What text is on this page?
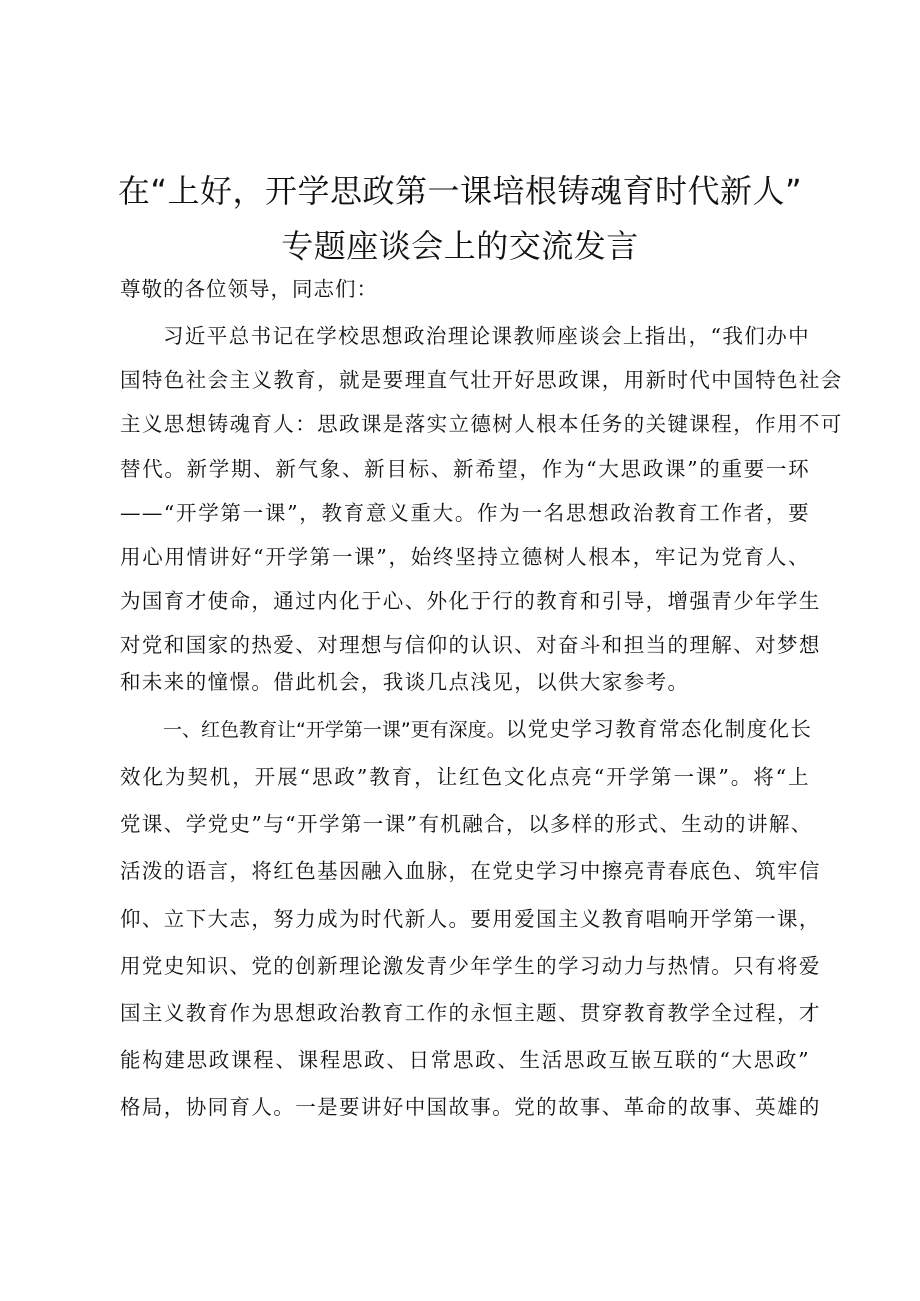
在“上好，开学思政第一课培根铸魂育时代新人”
专题座谈会上的交流发言
尊敬的各位领导，同志们：
习近平总书记在学校思想政治理论课教师座谈会上指出，“我们办中
国特色社会主义教育，就是要理直气壮开好思政课，用新时代中国特色社会
主义思想铸魂育人：思政课是落实立德树人根本任务的关键课程，作用不可
替代。新学期、新气象、新目标、新希望，作为“大思政课”的重要一环
——“开学第一课”，教育意义重大。作为一名思想政治教育工作者，要
用心用情讲好“开学第一课”，始终坚持立德树人根本，牢记为党育人、
为国育才使命，通过内化于心、外化于行的教育和引导，增强青少年学生
对党和国家的热爱、对理想与信仰的认识、对奋斗和担当的理解、对梦想
和未来的憧憬。借此机会，我谈几点浅见，以供大家参考。
一、红色教育让“开学第一课”更有深度。以党史学习教育常态化制度化长
效化为契机，开展“思政”教育，让红色文化点亮“开学第一课”。将“上
党课、学党史”与“开学第一课”有机融合，以多样的形式、生动的讲解、
活泼的语言，将红色基因融入血脉，在党史学习中擦亮青春底色、筑牢信
仰、立下大志，努力成为时代新人。要用爱国主义教育唱响开学第一课，
用党史知识、党的创新理论激发青少年学生的学习动力与热情。只有将爱
国主义教育作为思想政治教育工作的永恒主题、贯穿教育教学全过程，才
能构建思政课程、课程思政、日常思政、生活思政互嵌互联的“大思政”
格局，协同育人。一是要讲好中国故事。党的故事、革命的故事、英雄的
